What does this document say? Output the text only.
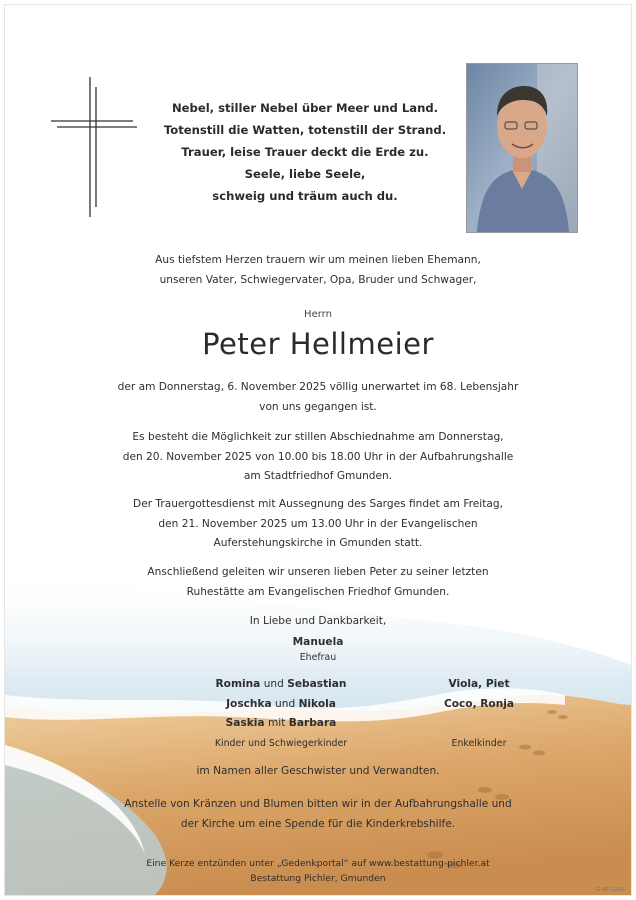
Nebel, stiller Nebel über Meer und Land.
Totenstill die Watten, totenstill der Strand.
Trauer, leise Trauer deckt die Erde zu.
Seele, liebe Seele,
schweig und träum auch du.
Aus tiefstem Herzen trauern wir um meinen lieben Ehemann,
unseren Vater, Schwiegervater, Opa, Bruder und Schwager,
Herrn
Peter Hellmeier
der am Donnerstag, 6. November 2025 völlig unerwartet im 68. Lebensjahr
von uns gegangen ist.
Es besteht die Möglichkeit zur stillen Abschiednahme am Donnerstag,
den 20. November 2025 von 10.00 bis 18.00 Uhr in der Aufbahrungshalle
am Stadtfriedhof Gmunden.
Der Trauergottesdienst mit Aussegnung des Sarges findet am Freitag,
den 21. November 2025 um 13.00 Uhr in der Evangelischen
Auferstehungskirche in Gmunden statt.
Anschließend geleiten wir unseren lieben Peter zu seiner letzten
Ruhestätte am Evangelischen Friedhof Gmunden.
In Liebe und Dankbarkeit,
Manuela
Ehefrau
Romina und Sebastian
Joschka und Nikola
Saskia mit Barbara
Kinder und Schwiegerkinder
Viola, Piet
Coco, Ronja

Enkelkinder
im Namen aller Geschwister und Verwandten.
Anstelle von Kränzen und Blumen bitten wir in der Aufbahrungshalle und
der Kirche um eine Spende für die Kinderkrebshilfe.
Eine Kerze entzünden unter „Gedenkportal“ auf www.bestattung-pichler.at
Bestattung Pichler, Gmunden
G-KF 1262
